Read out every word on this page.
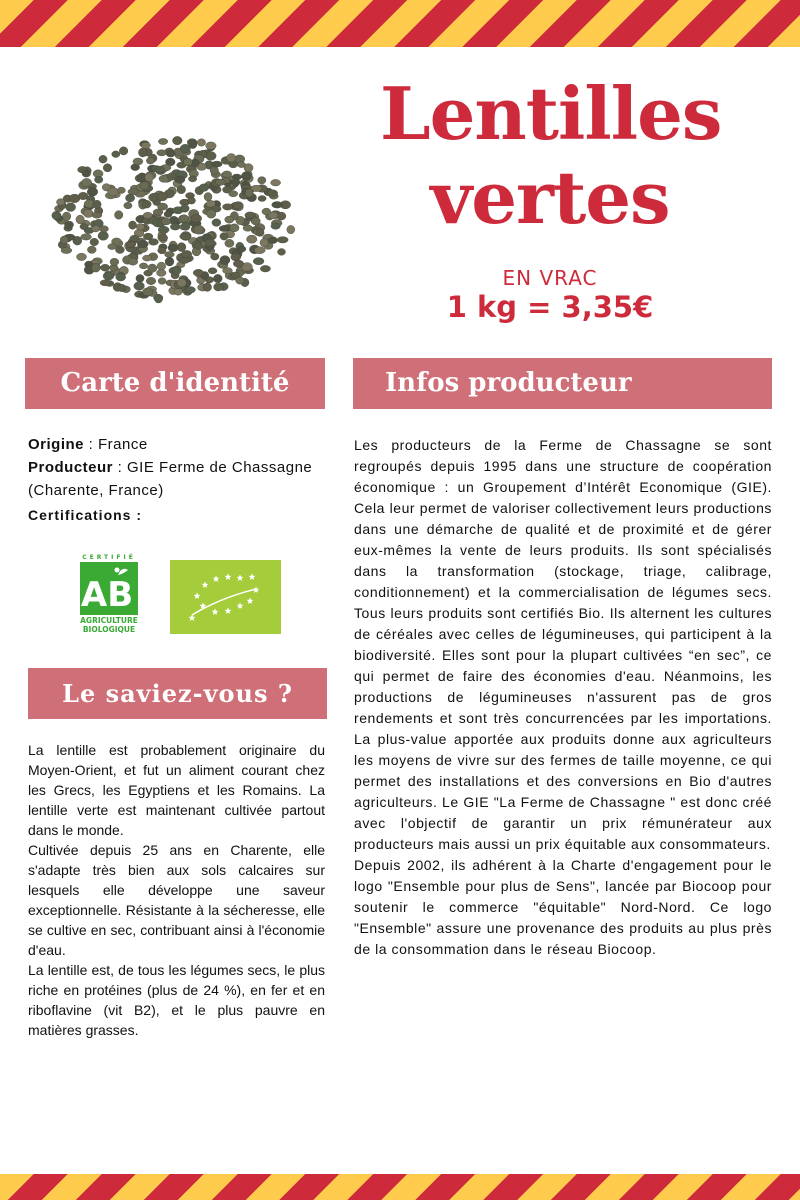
Lentilles
vertes
EN VRAC
1 kg = 3,35€
Carte d'identité	Infos producteur
Origine : France
Producteur : GIE Ferme de Chassagne (Charente, France)
Certifications :
CERTIFIÉ
AB
AGRICULTURE
BIOLOGIQUE
Le saviez-vous ?

La lentille est probablement originaire du Moyen-Orient, et fut un aliment courant chez les Grecs, les Egyptiens et les Romains. La lentille verte est maintenant cultivée partout dans le monde.

Cultivée depuis 25 ans en Charente, elle s'adapte très bien aux sols calcaires sur lesquels elle développe une saveur exceptionnelle. Résistante à la sécheresse, elle se cultive en sec, contribuant ainsi à l'économie d'eau.

La lentille est, de tous les légumes secs, le plus riche en protéines (plus de 24 %), en fer et en riboflavine (vit B2), et le plus pauvre en matières grasses.

Les producteurs de la Ferme de Chassagne se sont regroupés depuis 1995 dans une structure de coopération économique : un Groupement d’Intérêt Economique (GIE). Cela leur permet de valoriser collectivement leurs productions dans une démarche de qualité et de proximité et de gérer eux-mêmes la vente de leurs produits. Ils sont spécialisés dans la transformation (stockage, triage, calibrage, conditionnement) et la commercialisation de légumes secs. Tous leurs produits sont certifiés Bio. Ils alternent les cultures de céréales avec celles de légumineuses, qui participent à la biodiversité. Elles sont pour la plupart cultivées “en sec”, ce qui permet de faire des économies d'eau. Néanmoins, les productions de légumineuses n'assurent pas de gros rendements et sont très concurrencées par les importations. La plus-value apportée aux produits donne aux agriculteurs les moyens de vivre sur des fermes de taille moyenne, ce qui permet des installations et des conversions en Bio d'autres agriculteurs. Le GIE "La Ferme de Chassagne " est donc créé avec l'objectif de garantir un prix rémunérateur aux producteurs mais aussi un prix équitable aux consommateurs.

Depuis 2002, ils adhérent à la Charte d'engagement pour le logo "Ensemble pour plus de Sens", lancée par Biocoop pour soutenir le commerce "équitable" Nord-Nord. Ce logo "Ensemble" assure une provenance des produits au plus près de la consommation dans le réseau Biocoop.
